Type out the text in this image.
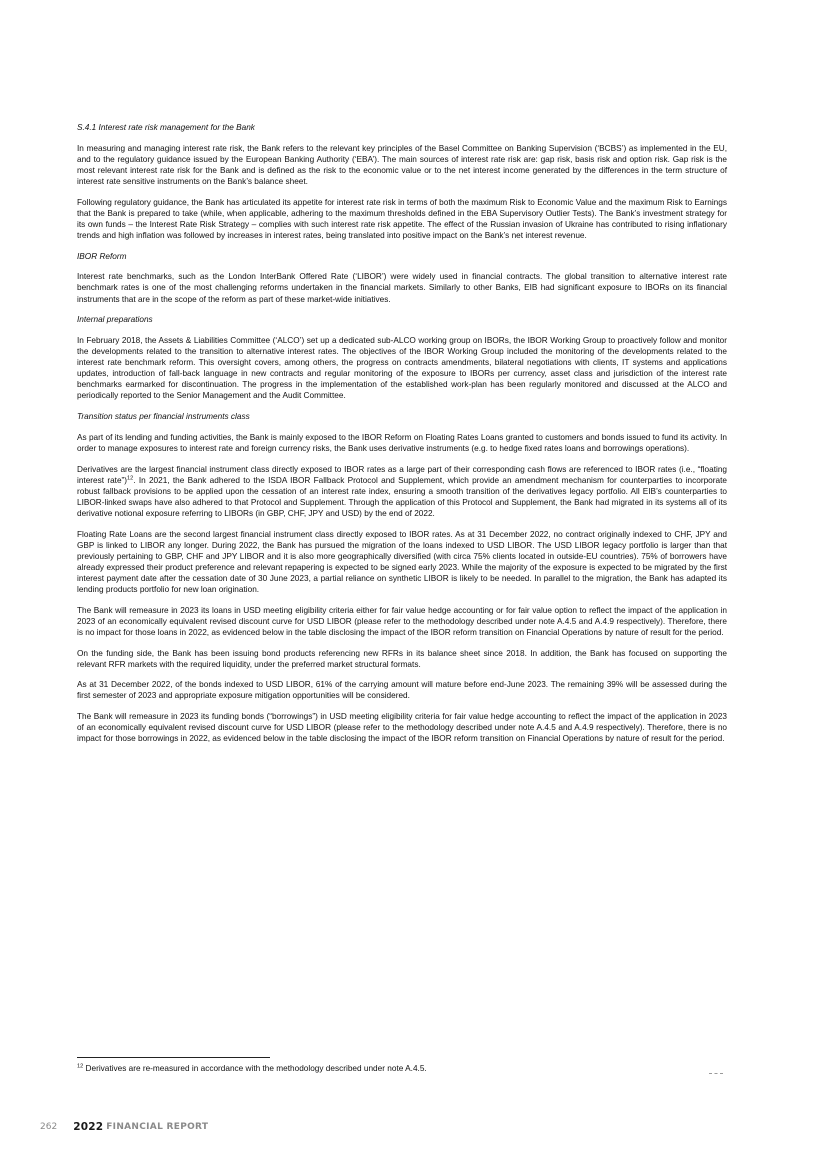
S.4.1 Interest rate risk management for the Bank

In measuring and managing interest rate risk, the Bank refers to the relevant key principles of the Basel Committee on Banking Supervision (‘BCBS’) as implemented in the EU, and to the regulatory guidance issued by the European Banking Authority (‘EBA’). The main sources of interest rate risk are: gap risk, basis risk and option risk. Gap risk is the most relevant interest rate risk for the Bank and is defined as the risk to the economic value or to the net interest income generated by the differences in the term structure of interest rate sensitive instruments on the Bank’s balance sheet.

Following regulatory guidance, the Bank has articulated its appetite for interest rate risk in terms of both the maximum Risk to Economic Value and the maximum Risk to Earnings that the Bank is prepared to take (while, when applicable, adhering to the maximum thresholds defined in the EBA Supervisory Outlier Tests). The Bank’s investment strategy for its own funds – the Interest Rate Risk Strategy – complies with such interest rate risk appetite. The effect of the Russian invasion of Ukraine has contributed to rising inflationary trends and high inflation was followed by increases in interest rates, being translated into positive impact on the Bank’s net interest revenue.

IBOR Reform

Interest rate benchmarks, such as the London InterBank Offered Rate (‘LIBOR’) were widely used in financial contracts. The global transition to alternative interest rate benchmark rates is one of the most challenging reforms undertaken in the financial markets. Similarly to other Banks, EIB had significant exposure to IBORs on its financial instruments that are in the scope of the reform as part of these market-wide initiatives.

Internal preparations

In February 2018, the Assets & Liabilities Committee (‘ALCO’) set up a dedicated sub-ALCO working group on IBORs, the IBOR Working Group to proactively follow and monitor the developments related to the transition to alternative interest rates. The objectives of the IBOR Working Group included the monitoring of the developments related to the interest rate benchmark reform. This oversight covers, among others, the progress on contracts amendments, bilateral negotiations with clients, IT systems and applications updates, introduction of fall-back language in new contracts and regular monitoring of the exposure to IBORs per currency, asset class and jurisdiction of the interest rate benchmarks earmarked for discontinuation. The progress in the implementation of the established work-plan has been regularly monitored and discussed at the ALCO and periodically reported to the Senior Management and the Audit Committee.

Transition status per financial instruments class

As part of its lending and funding activities, the Bank is mainly exposed to the IBOR Reform on Floating Rates Loans granted to customers and bonds issued to fund its activity. In order to manage exposures to interest rate and foreign currency risks, the Bank uses derivative instruments (e.g. to hedge fixed rates loans and borrowings operations).

Derivatives are the largest financial instrument class directly exposed to IBOR rates as a large part of their corresponding cash flows are referenced to IBOR rates (i.e., “floating interest rate”)$^{12}$. In 2021, the Bank adhered to the ISDA IBOR Fallback Protocol and Supplement, which provide an amendment mechanism for counterparties to incorporate robust fallback provisions to be applied upon the cessation of an interest rate index, ensuring a smooth transition of the derivatives legacy portfolio. All EIB’s counterparties to LIBOR-linked swaps have also adhered to that Protocol and Supplement. Through the application of this Protocol and Supplement, the Bank had migrated in its systems all of its derivative notional exposure referring to LIBORs (in GBP, CHF, JPY and USD) by the end of 2022.

Floating Rate Loans are the second largest financial instrument class directly exposed to IBOR rates. As at 31 December 2022, no contract originally indexed to CHF, JPY and GBP is linked to LIBOR any longer. During 2022, the Bank has pursued the migration of the loans indexed to USD LIBOR. The USD LIBOR legacy portfolio is larger than that previously pertaining to GBP, CHF and JPY LIBOR and it is also more geographically diversified (with circa 75% clients located in outside-EU countries). 75% of borrowers have already expressed their product preference and relevant repapering is expected to be signed early 2023. While the majority of the exposure is expected to be migrated by the first interest payment date after the cessation date of 30 June 2023, a partial reliance on synthetic LIBOR is likely to be needed. In parallel to the migration, the Bank has adapted its lending products portfolio for new loan origination.

The Bank will remeasure in 2023 its loans in USD meeting eligibility criteria either for fair value hedge accounting or for fair value option to reflect the impact of the application in 2023 of an economically equivalent revised discount curve for USD LIBOR (please refer to the methodology described under note A.4.5 and A.4.9 respectively). Therefore, there is no impact for those loans in 2022, as evidenced below in the table disclosing the impact of the IBOR reform transition on Financial Operations by nature of result for the period.

On the funding side, the Bank has been issuing bond products referencing new RFRs in its balance sheet since 2018. In addition, the Bank has focused on supporting the relevant RFR markets with the required liquidity, under the preferred market structural formats.

As at 31 December 2022, of the bonds indexed to USD LIBOR, 61% of the carrying amount will mature before end-June 2023. The remaining 39% will be assessed during the first semester of 2023 and appropriate exposure mitigation opportunities will be considered.

The Bank will remeasure in 2023 its funding bonds (“borrowings”) in USD meeting eligibility criteria for fair value hedge accounting to reflect the impact of the application in 2023 of an economically equivalent revised discount curve for USD LIBOR (please refer to the methodology described under note A.4.5 and A.4.9 respectively). Therefore, there is no impact for those borrowings in 2022, as evidenced below in the table disclosing the impact of the IBOR reform transition on Financial Operations by nature of result for the period.

$^{12}$ Derivatives are re-measured in accordance with the methodology described under note A.4.5.
262 2022 FINANCIAL REPORT
